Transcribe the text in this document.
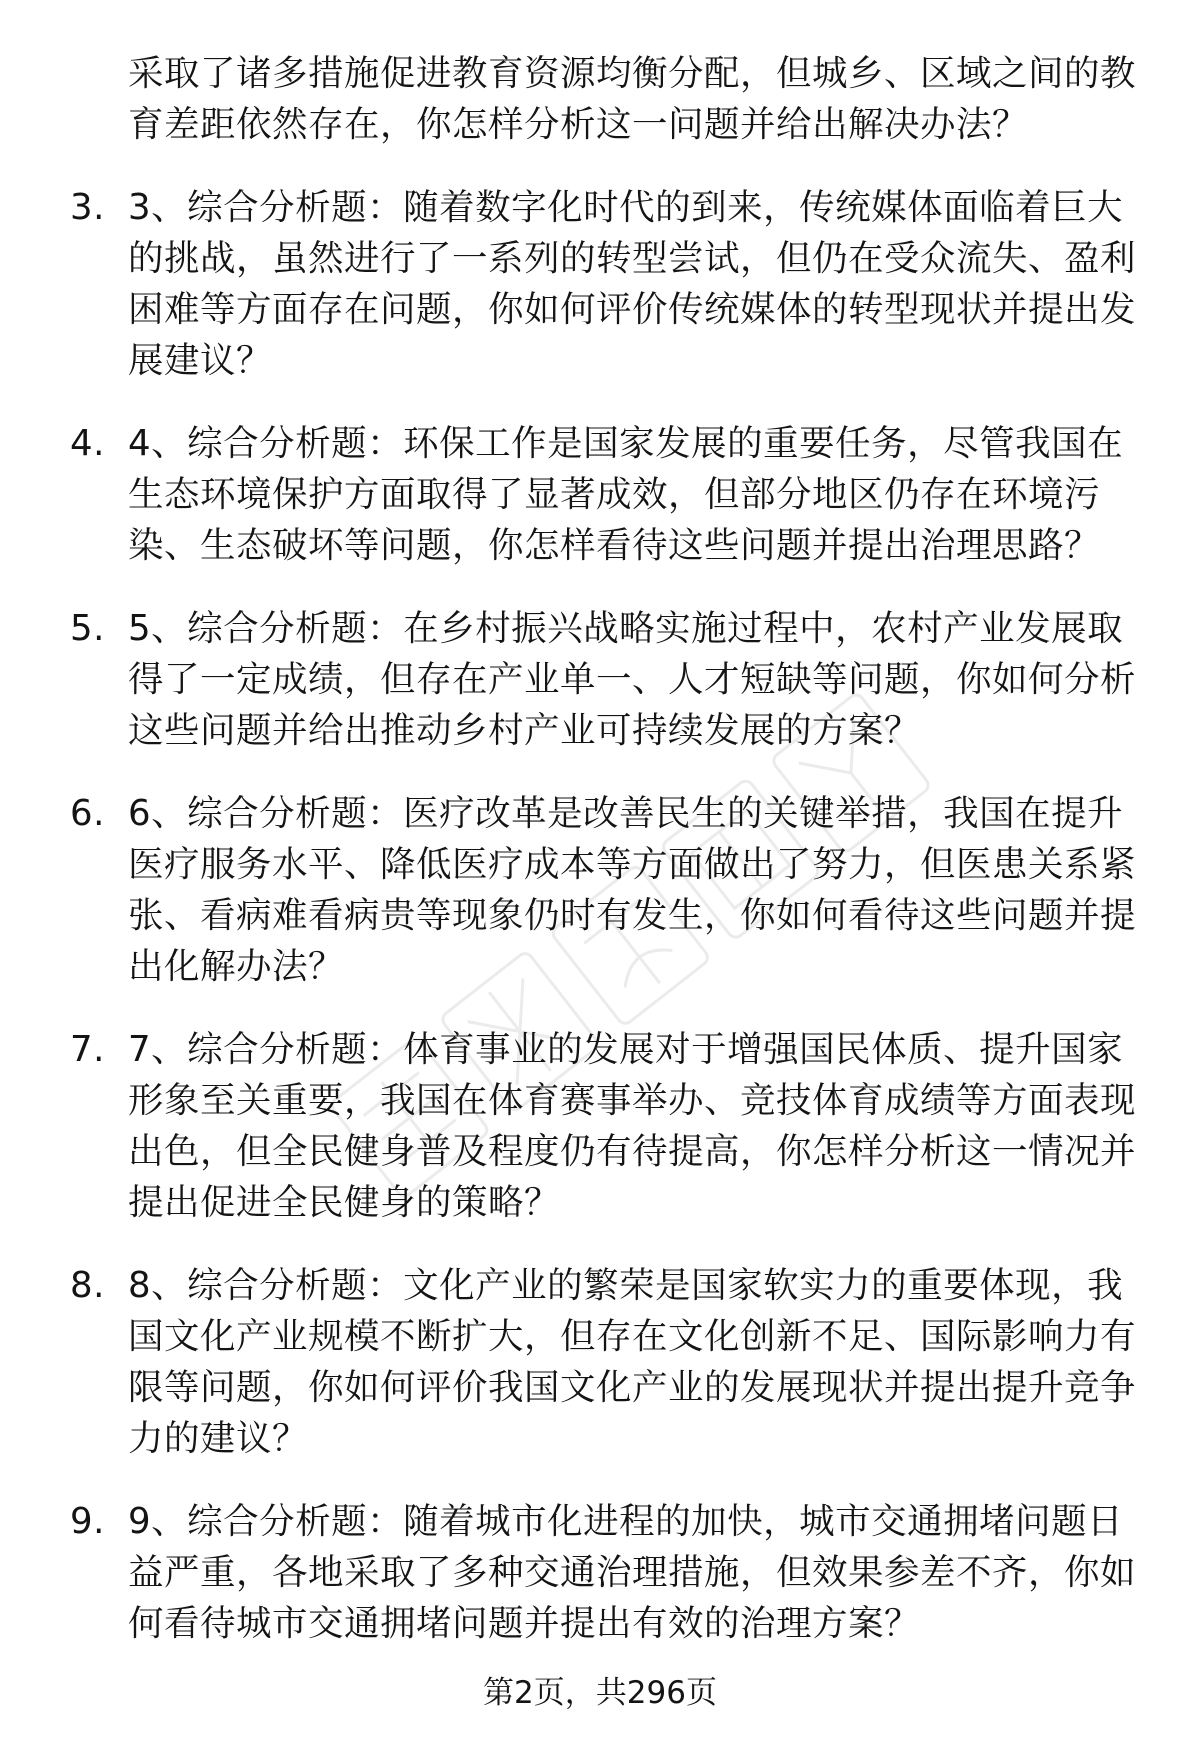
采取了诸多措施促进教育资源均衡分配，但城乡、区域之间的教育差距依然存在，你怎样分析这一问题并给出解决办法？
3. 3、综合分析题：随着数字化时代的到来，传统媒体面临着巨大的挑战，虽然进行了一系列的转型尝试，但仍在受众流失、盈利困难等方面存在问题，你如何评价传统媒体的转型现状并提出发展建议？
4. 4、综合分析题：环保工作是国家发展的重要任务，尽管我国在生态环境保护方面取得了显著成效，但部分地区仍存在环境污染、生态破坏等问题，你怎样看待这些问题并提出治理思路？
5. 5、综合分析题：在乡村振兴战略实施过程中，农村产业发展取得了一定成绩，但存在产业单一、人才短缺等问题，你如何分析这些问题并给出推动乡村产业可持续发展的方案？
6. 6、综合分析题：医疗改革是改善民生的关键举措，我国在提升医疗服务水平、降低医疗成本等方面做出了努力，但医患关系紧张、看病难看病贵等现象仍时有发生，你如何看待这些问题并提出化解办法？
7. 7、综合分析题：体育事业的发展对于增强国民体质、提升国家形象至关重要，我国在体育赛事举办、竞技体育成绩等方面表现出色，但全民健身普及程度仍有待提高，你怎样分析这一情况并提出促进全民健身的策略？
8. 8、综合分析题：文化产业的繁荣是国家软实力的重要体现，我国文化产业规模不断扩大，但存在文化创新不足、国际影响力有限等问题，你如何评价我国文化产业的发展现状并提出提升竞争力的建议？
9. 9、综合分析题：随着城市化进程的加快，城市交通拥堵问题日益严重，各地采取了多种交通治理措施，但效果参差不齐，你如何看待城市交通拥堵问题并提出有效的治理方案？
第2页，共296页
